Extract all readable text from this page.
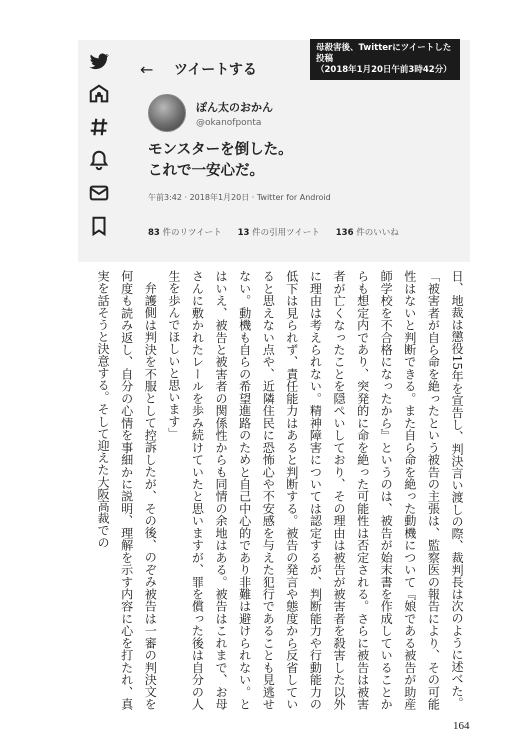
←	ツイートする
母殺害後、Twitterにツイートした投稿
（2018年1月20日午前3時42分）
ぽん太のおかん
@okanofponta
モンスターを倒した。
これで一安心だ。
午前3:42 · 2018年1月20日 · Twitter for Android
83 件のリツイート 13 件の引用ツイート 136 件のいいね

日、地裁は懲役15年を宣告し、判決言い渡しの際、裁判長は次のように述べた。

「被害者が自ら命を絶ったという被告の主張は、監察医の報告により、その可能性はないと判断できる。また自ら命を絶った動機について『娘である被告が助産師学校を不合格になったから』というのは、被告が始末書を作成していることからも想定内であり、突発的に命を絶った可能性は否定される。さらに被告は被害者が亡くなったことを隠ぺいしており、その理由は被告が被害者を殺害した以外に理由は考えられない。精神障害については認定するが、判断能力や行動能力の低下は見られず、責任能力はあると判断する。被告の発言や態度から反省していると思えない点や、近隣住民に恐怖心や不安感を与えた犯行であることも見逃せない。動機も自らの希望進路のためと自己中心的であり非難は避けられない。とはいえ、被告と被害者の関係性からも同情の余地はある。被告はこれまで、お母さんに敷かれたレールを歩み続けていたと思いますが、罪を償った後は自分の人生を歩んでほしいと思います」

弁護側は判決を不服として控訴したが、その後、のぞみ被告は一審の判決文を何度も読み返し、自分の心情を事細かに説明、理解を示す内容に心を打たれ、真実を話そうと決意する。そして迎えた大阪高裁での

164
